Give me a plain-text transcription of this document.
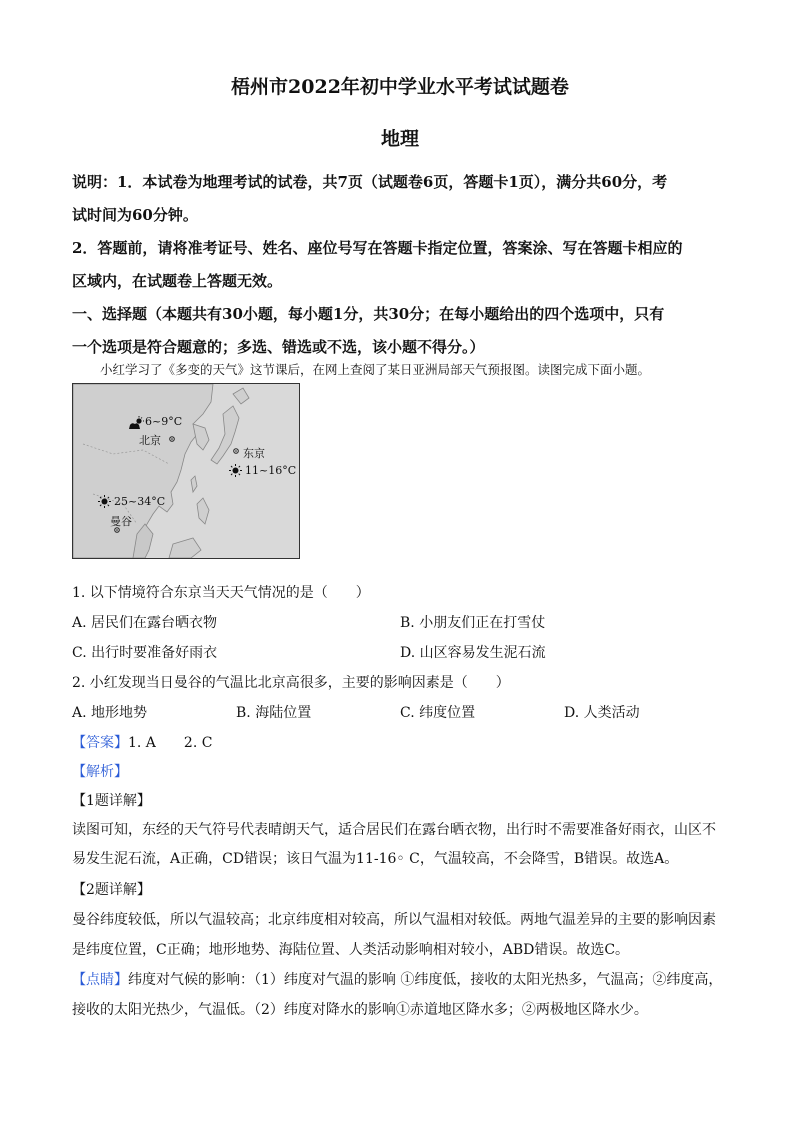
梧州市2022年初中学业水平考试试题卷
地理
说明：1．本试卷为地理考试的试卷，共7页（试题卷6页，答题卡1页），满分共60分，考
试时间为60分钟。
2．答题前，请将准考证号、姓名、座位号写在答题卡指定位置，答案涂、写在答题卡相应的
区域内，在试题卷上答题无效。
一、选择题（本题共有30小题，每小题1分，共30分；在每小题给出的四个选项中，只有
一个选项是符合题意的；多选、错选或不选，该小题不得分。）
小红学习了《多变的天气》这节课后，在网上查阅了某日亚洲局部天气预报图。读图完成下面小题。
6~9°C
北京
东京
11~16°C
25~34°C
曼谷
1. 以下情境符合东京当天天气情况的是（　　）
A. 居民们在露台晒衣物	B. 小朋友们正在打雪仗
C. 出行时要准备好雨衣	D. 山区容易发生泥石流
2. 小红发现当日曼谷的气温比北京高很多，主要的影响因素是（　　）
A. 地形地势	B. 海陆位置	C. 纬度位置	D. 人类活动
【答案】1. A　　2. C
【解析】
【1题详解】
读图可知，东经的天气符号代表晴朗天气，适合居民们在露台晒衣物，出行时不需要准备好雨衣，山区不
易发生泥石流，A正确，CD错误；该日气温为11-16◦ C，气温较高，不会降雪，B错误。故选A。
【2题详解】
曼谷纬度较低，所以气温较高；北京纬度相对较高，所以气温相对较低。两地气温差异的主要的影响因素
是纬度位置，C正确；地形地势、海陆位置、人类活动影响相对较小，ABD错误。故选C。
【点睛】纬度对气候的影响：（1）纬度对气温的影响 ①纬度低，接收的太阳光热多，气温高；②纬度高，
接收的太阳光热少，气温低。（2）纬度对降水的影响①赤道地区降水多；②两极地区降水少。
